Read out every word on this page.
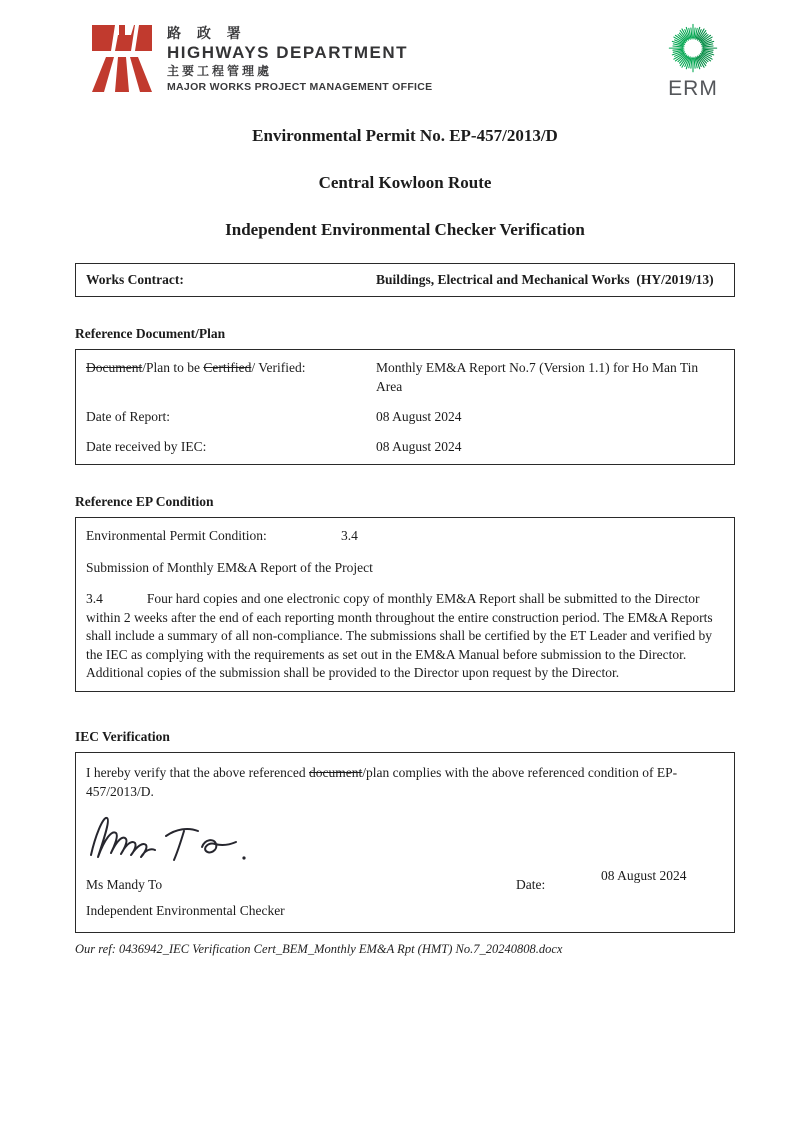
路 政 署
HIGHWAYS DEPARTMENT
主要工程管理處
MAJOR WORKS PROJECT MANAGEMENT OFFICE	ERM
Environmental Permit No. EP-457/2013/D
Central Kowloon Route
Independent Environmental Checker Verification
Works Contract:	Buildings, Electrical and Mechanical Works  (HY/2019/13)
Reference Document/Plan
Document/Plan to be Certified/ Verified:	Monthly EM&A Report No.7 (Version 1.1) for Ho Man Tin Area
Date of Report:	08 August 2024
Date received by IEC:	08 August 2024
Reference EP Condition
Environmental Permit Condition:	3.4
Submission of Monthly EM&A Report of the Project
3.4	Four hard copies and one electronic copy of monthly EM&A Report shall be submitted to the Director within 2 weeks after the end of each reporting month throughout the entire construction period. The EM&A Reports shall include a summary of all non-compliance. The submissions shall be certified by the ET Leader and verified by the IEC as complying with the requirements as set out in the EM&A Manual before submission to the Director. Additional copies of the submission shall be provided to the Director upon request by the Director.
IEC Verification
I hereby verify that the above referenced document/plan complies with the above referenced condition of EP-457/2013/D.
Ms Mandy To	Date:
08 August 2024
Independent Environmental Checker
Our ref: 0436942_IEC Verification Cert_BEM_Monthly EM&A Rpt (HMT) No.7_20240808.docx
